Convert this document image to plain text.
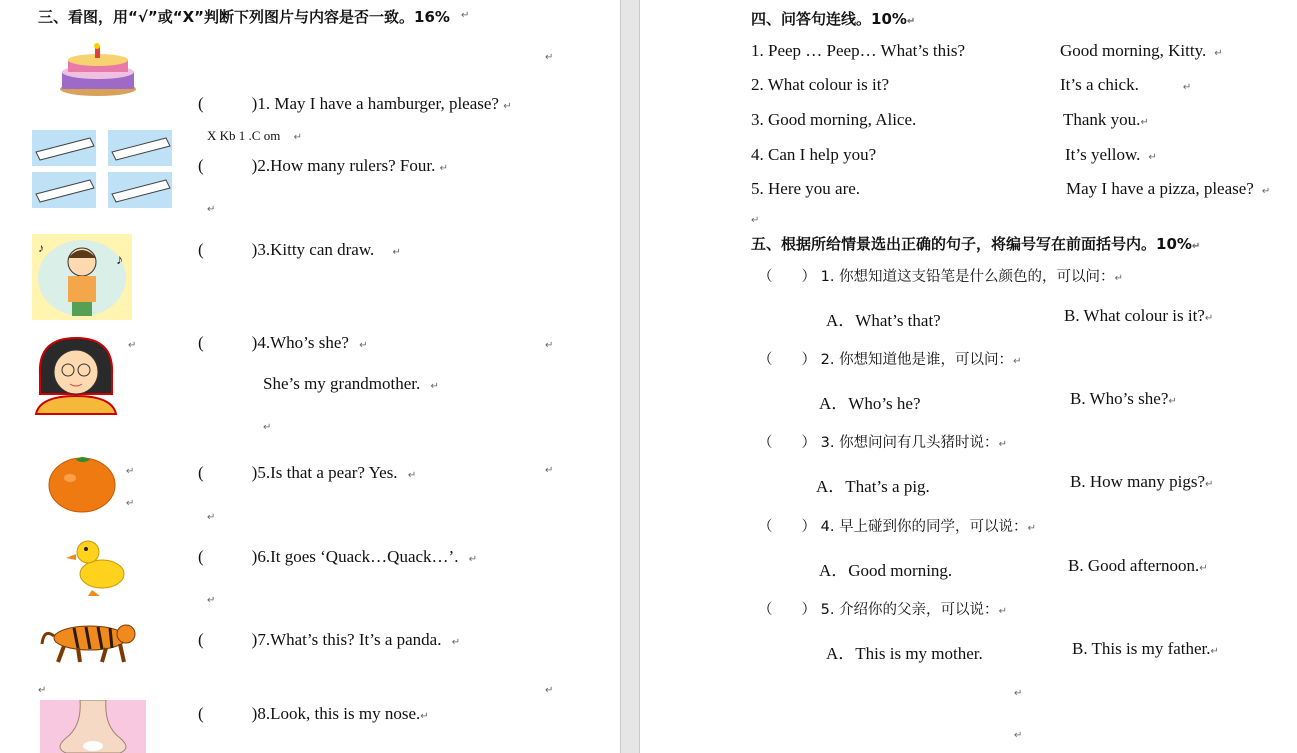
三、看图，用“√”或“X”判断下列图片与内容是否一致。16% ↵
↵
(	)1. May I have a hamburger, please? ↵
X Kb 1 .C om ↵
(	)2.How many rulers? Four. ↵
↵
♪
♪	(	)3.Kitty can draw. ↵
↵	(	)4.Who’s she? ↵	↵
She’s my grandmother. ↵
↵
↵
↵
(	)5.Is that a pear? Yes. ↵	↵
↵
(	)6.It goes ‘Quack…Quack…’. ↵
↵
(	)7.What’s this? It’s a panda. ↵
↵	↵
(	)8.Look, this is my nose.↵
四、问答句连线。10%↵
1. Peep … Peep… What’s this?	Good morning, Kitty. ↵
2. What colour is it?	It’s a chick.	↵
3. Good morning, Alice.	Thank you.↵
4. Can I help you?	It’s yellow. ↵
5. Here you are.	May I have a pizza, please? ↵
↵
五、根据所给情景选出正确的句子，将编号写在前面括号内。10%↵
（　　） 1. 你想知道这支铅笔是什么颜色的，可以问：↵
A．What’s that?	B. What colour is it?↵
（　　） 2. 你想知道他是谁，可以问：↵
A．Who’s he?	B. Who’s she?↵
（　　） 3. 你想问问有几头猪时说：↵
A．That’s a pig.	B. How many pigs?↵
（　　） 4. 早上碰到你的同学，可以说：↵
A．Good morning.	B. Good afternoon.↵
（　　） 5. 介绍你的父亲，可以说：↵
A．This is my mother.	B. This is my father.↵
↵
↵
